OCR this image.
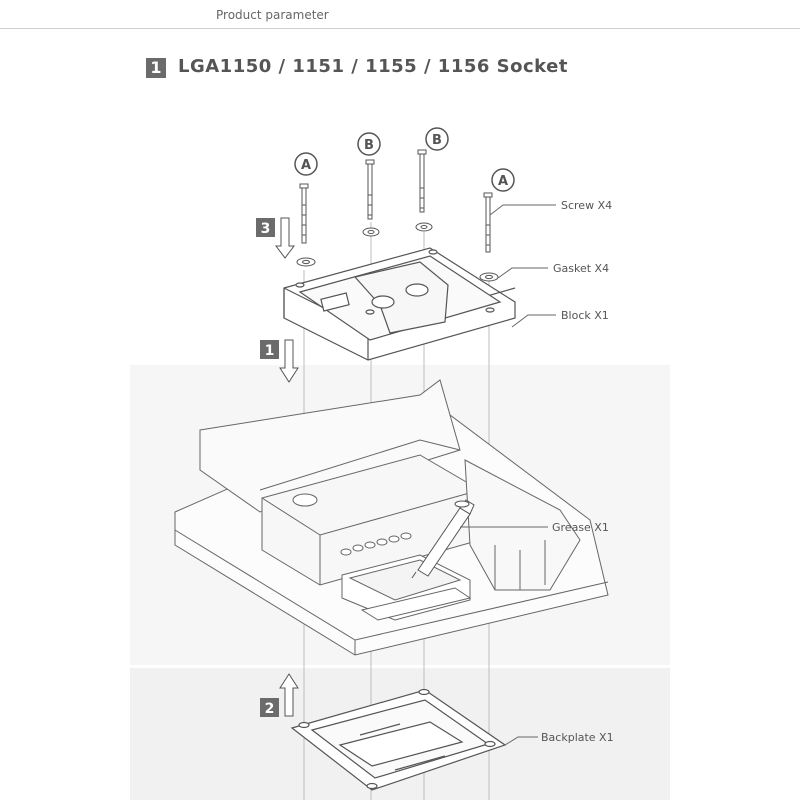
Product parameter
1 LGA1150 / 1151 / 1155 / 1156 Socket
A
B	B
A
3
1
2
Screw X4
Gasket X4
Block X1
Grease X1
Backplate X1
